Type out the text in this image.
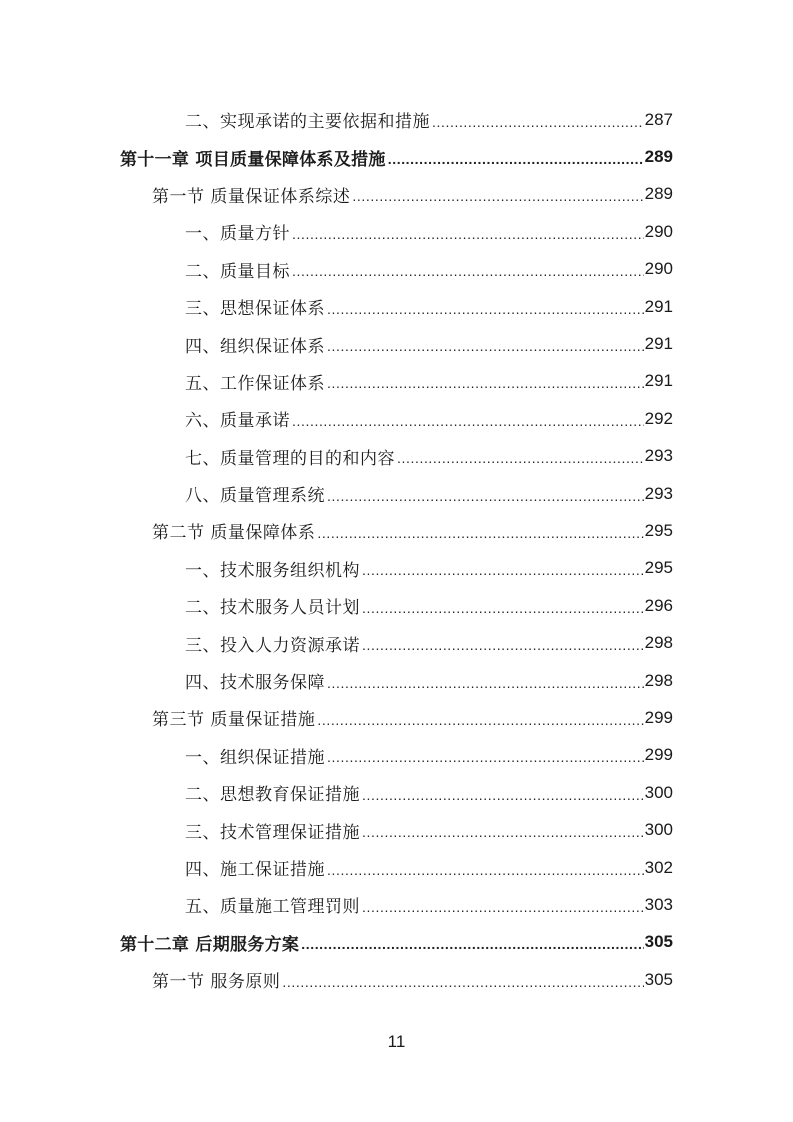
二、实现承诺的主要依据和措施 .....	287
第十一章 项目质量保障体系及措施 .....	289
第一节 质量保证体系综述 .....	289
一、质量方针 .....	290
二、质量目标 .....	290
三、思想保证体系 .....	291
四、组织保证体系 .....	291
五、工作保证体系 .....	291
六、质量承诺 .....	292
七、质量管理的目的和内容 .....	293
八、质量管理系统 .....	293
第二节 质量保障体系 .....	295
一、技术服务组织机构 .....	295
二、技术服务人员计划 .....	296
三、投入人力资源承诺 .....	298
四、技术服务保障 .....	298
第三节 质量保证措施 .....	299
一、组织保证措施 .....	299
二、思想教育保证措施 .....	300
三、技术管理保证措施 .....	300
四、施工保证措施 .....	302
五、质量施工管理罚则 .....	303
第十二章 后期服务方案 .....	305
第一节 服务原则 .....	305
11
